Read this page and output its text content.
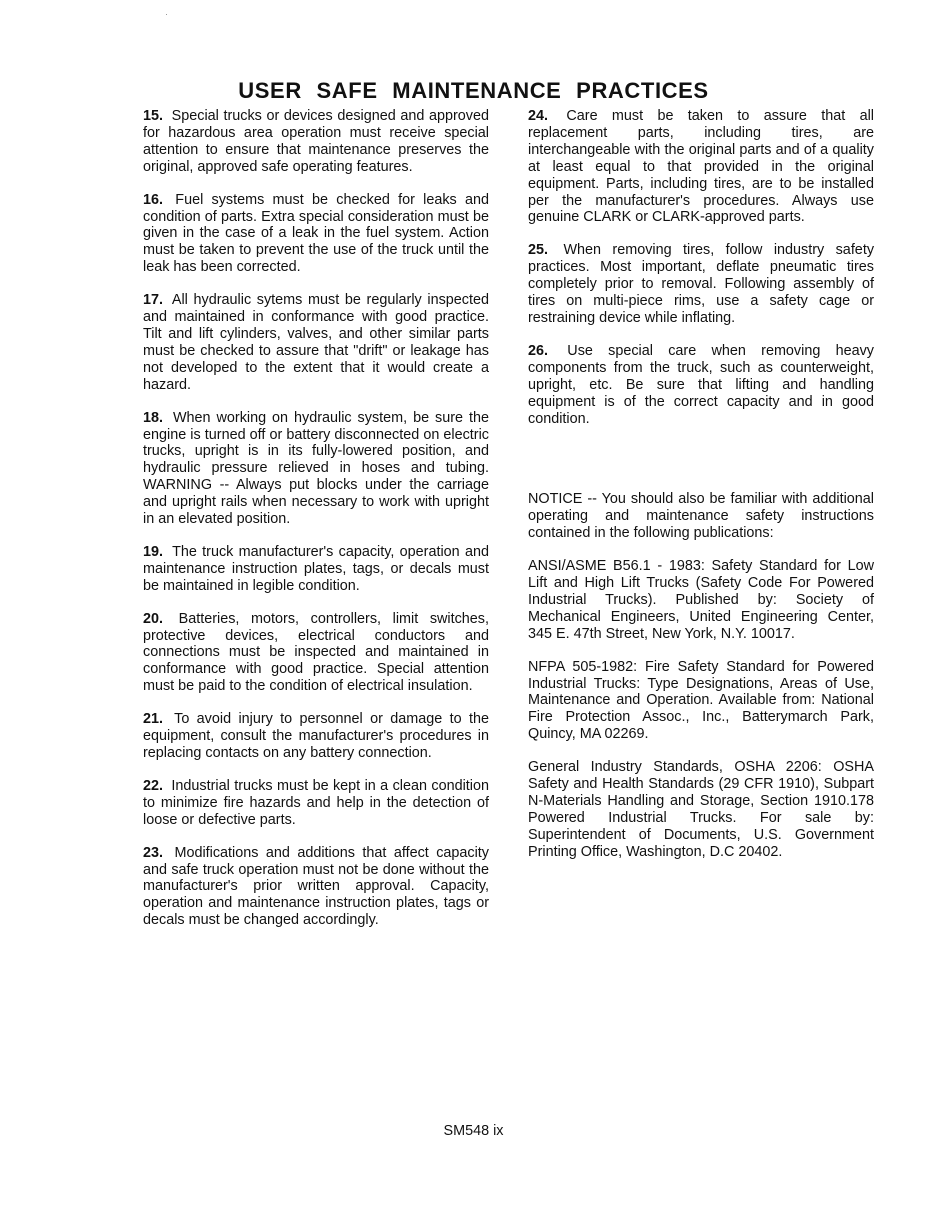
USER SAFE MAINTENANCE PRACTICES

15. Special trucks or devices designed and approved for hazardous area operation must receive special attention to ensure that maintenance preserves the original, approved safe operating features.

16. Fuel systems must be checked for leaks and condition of parts. Extra special consideration must be given in the case of a leak in the fuel system. Action must be taken to prevent the use of the truck until the leak has been corrected.

17. All hydraulic sytems must be regularly inspected and maintained in conformance with good practice. Tilt and lift cylinders, valves, and other similar parts must be checked to assure that "drift" or leakage has not developed to the extent that it would create a hazard.

18. When working on hydraulic system, be sure the engine is turned off or battery disconnected on electric trucks, upright is in its fully-lowered position, and hydraulic pressure relieved in hoses and tubing. WARNING -- Always put blocks under the carriage and upright rails when necessary to work with upright in an elevated position.

19. The truck manufacturer's capacity, operation and maintenance instruction plates, tags, or decals must be maintained in legible condition.

20. Batteries, motors, controllers, limit switches, protective devices, electrical conductors and connections must be inspected and maintained in conformance with good practice. Special attention must be paid to the condition of electrical insulation.

21. To avoid injury to personnel or damage to the equipment, consult the manufacturer's procedures in replacing contacts on any battery connection.

22. Industrial trucks must be kept in a clean condition to minimize fire hazards and help in the detection of loose or defective parts.

23. Modifications and additions that affect capacity and safe truck operation must not be done without the manufacturer's prior written approval. Capacity, operation and maintenance instruction plates, tags or decals must be changed accordingly.

24. Care must be taken to assure that all replacement parts, including tires, are interchangeable with the original parts and of a quality at least equal to that provided in the original equipment. Parts, including tires, are to be installed per the manufacturer's procedures. Always use genuine CLARK or CLARK-approved parts.

25. When removing tires, follow industry safety practices. Most important, deflate pneumatic tires completely prior to removal. Following assembly of tires on multi-piece rims, use a safety cage or restraining device while inflating.

26. Use special care when removing heavy components from the truck, such as counterweight, upright, etc. Be sure that lifting and handling equipment is of the correct capacity and in good condition.

NOTICE -- You should also be familiar with additional operating and maintenance safety instructions contained in the following publications:

ANSI/ASME B56.1 - 1983: Safety Standard for Low Lift and High Lift Trucks (Safety Code For Powered Industrial Trucks). Published by: Society of Mechanical Engineers, United Engineering Center, 345 E. 47th Street, New York, N.Y. 10017.

NFPA 505-1982: Fire Safety Standard for Powered Industrial Trucks: Type Designations, Areas of Use, Maintenance and Operation. Available from: National Fire Protection Assoc., Inc., Batterymarch Park, Quincy, MA 02269.

General Industry Standards, OSHA 2206: OSHA Safety and Health Standards (29 CFR 1910), Subpart N-Materials Handling and Storage, Section 1910.178 Powered Industrial Trucks. For sale by: Superintendent of Documents, U.S. Government Printing Office, Washington, D.C 20402.

SM548 ix
